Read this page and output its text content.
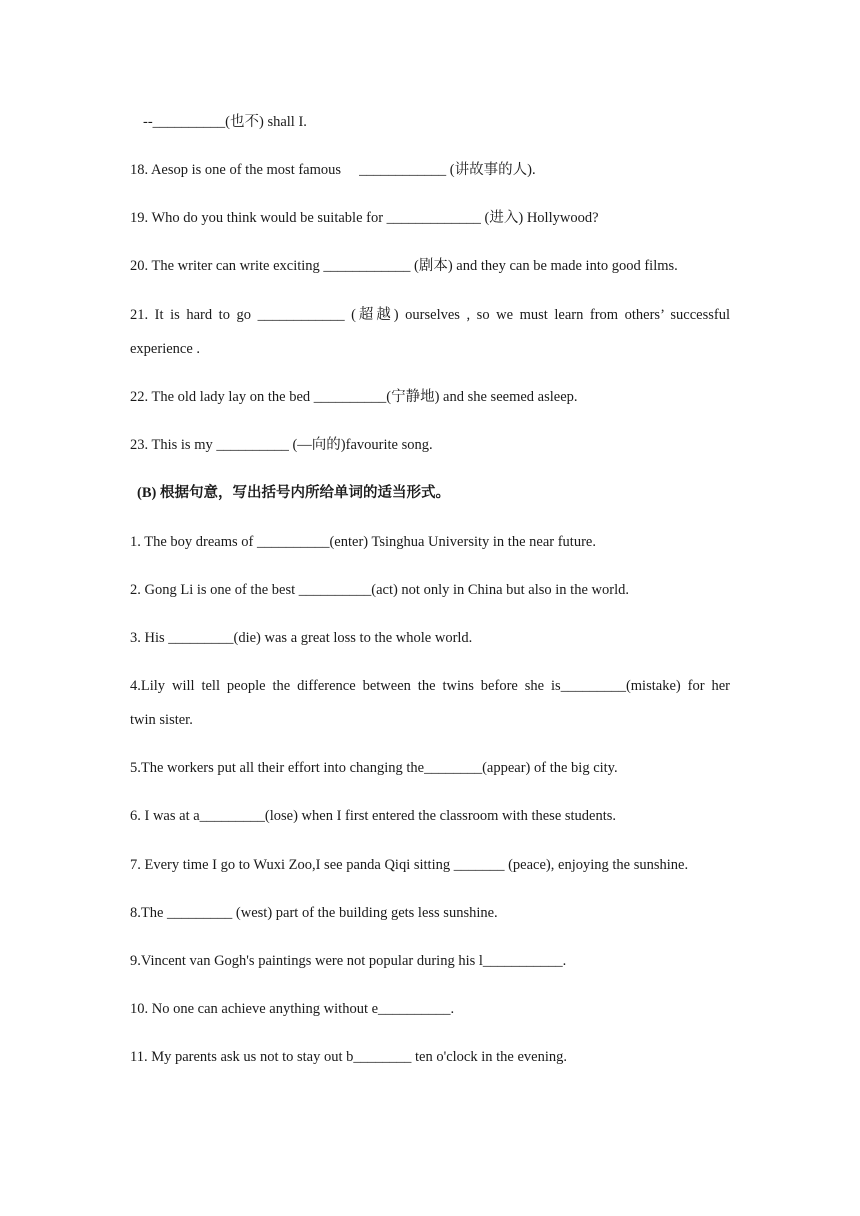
--__________(也不) shall I.
18. Aesop is one of the most famous     ____________ (讲故事的人).
19. Who do you think would be suitable for _____________ (进入) Hollywood?
20. The writer can write exciting ____________ (剧本) and they can be made into good films.
21. It is hard to go ____________ (超越) ourselves , so we must learn from others’ successful
experience .
22. The old lady lay on the bed __________(宁静地) and she seemed asleep.
23. This is my __________ (—向的)favourite song.
(B) 根据句意，写出括号内所给单词的适当形式。
1. The boy dreams of __________(enter) Tsinghua University in the near future.
2. Gong Li is one of the best __________(act) not only in China but also in the world.
3. His _________(die) was a great loss to the whole world.
4.Lily will tell people the difference between the twins before she is_________(mistake) for her
twin sister.
5.The workers put all their effort into changing the________(appear) of the big city.
6. I was at a_________(lose) when I first entered the classroom with these students.
7. Every time I go to Wuxi Zoo,I see panda Qiqi sitting _______ (peace), enjoying the sunshine.
8.The _________ (west) part of the building gets less sunshine.
9.Vincent van Gogh's paintings were not popular during his l___________.
10. No one can achieve anything without e__________.
11. My parents ask us not to stay out b________ ten o'clock in the evening.
